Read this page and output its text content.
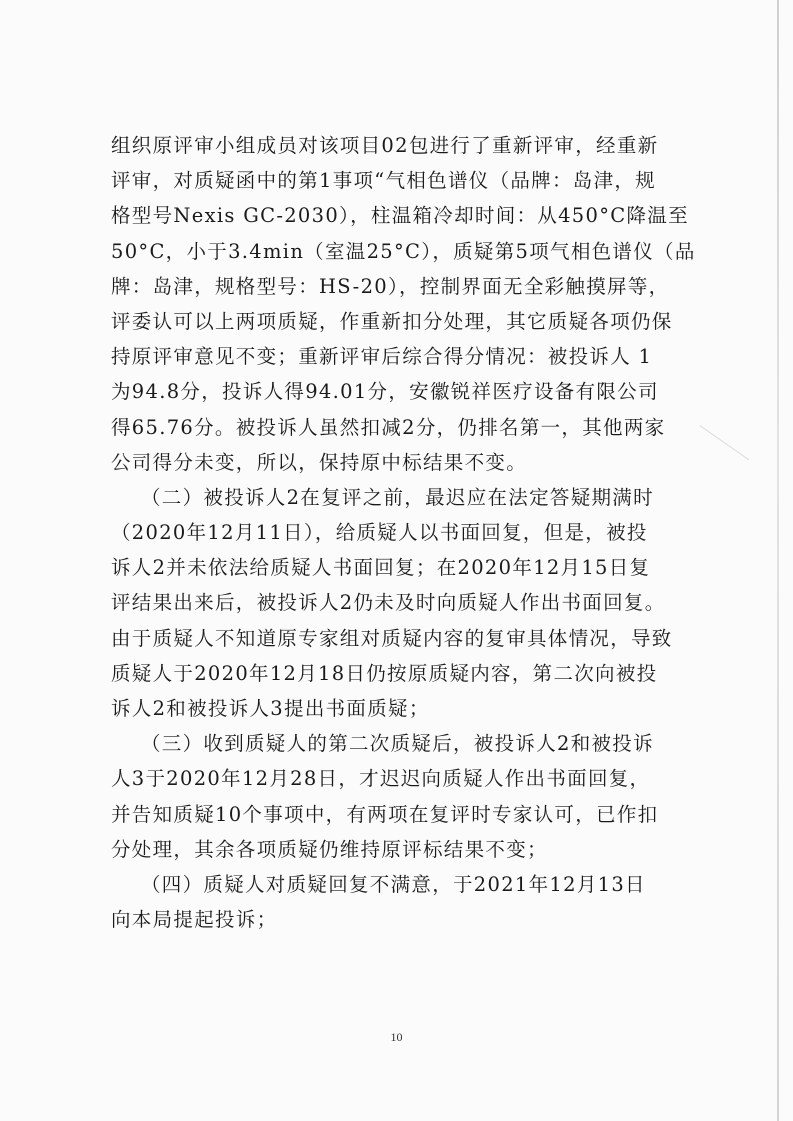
组织原评审小组成员对该项目02包进行了重新评审，经重新
评审，对质疑函中的第1事项“气相色谱仪（品牌：岛津，规
格型号Nexis GC-2030），柱温箱冷却时间：从450°C降温至
50°C，小于3.4min（室温25°C），质疑第5项气相色谱仪（品
牌：岛津，规格型号：HS-20），控制界面无全彩触摸屏等，
评委认可以上两项质疑，作重新扣分处理，其它质疑各项仍保
持原评审意见不变；重新评审后综合得分情况：被投诉人 1
为94.8分，投诉人得94.01分，安徽锐祥医疗设备有限公司
得65.76分。被投诉人虽然扣减2分，仍排名第一，其他两家
公司得分未变，所以，保持原中标结果不变。
（二）被投诉人2在复评之前，最迟应在法定答疑期满时
（2020年12月11日），给质疑人以书面回复，但是，被投
诉人2并未依法给质疑人书面回复；在2020年12月15日复
评结果出来后，被投诉人2仍未及时向质疑人作出书面回复。
由于质疑人不知道原专家组对质疑内容的复审具体情况，导致
质疑人于2020年12月18日仍按原质疑内容，第二次向被投
诉人2和被投诉人3提出书面质疑；
（三）收到质疑人的第二次质疑后，被投诉人2和被投诉
人3于2020年12月28日，才迟迟向质疑人作出书面回复，
并告知质疑10个事项中，有两项在复评时专家认可，已作扣
分处理，其余各项质疑仍维持原评标结果不变；
（四）质疑人对质疑回复不满意，于2021年12月13日
向本局提起投诉；
10
